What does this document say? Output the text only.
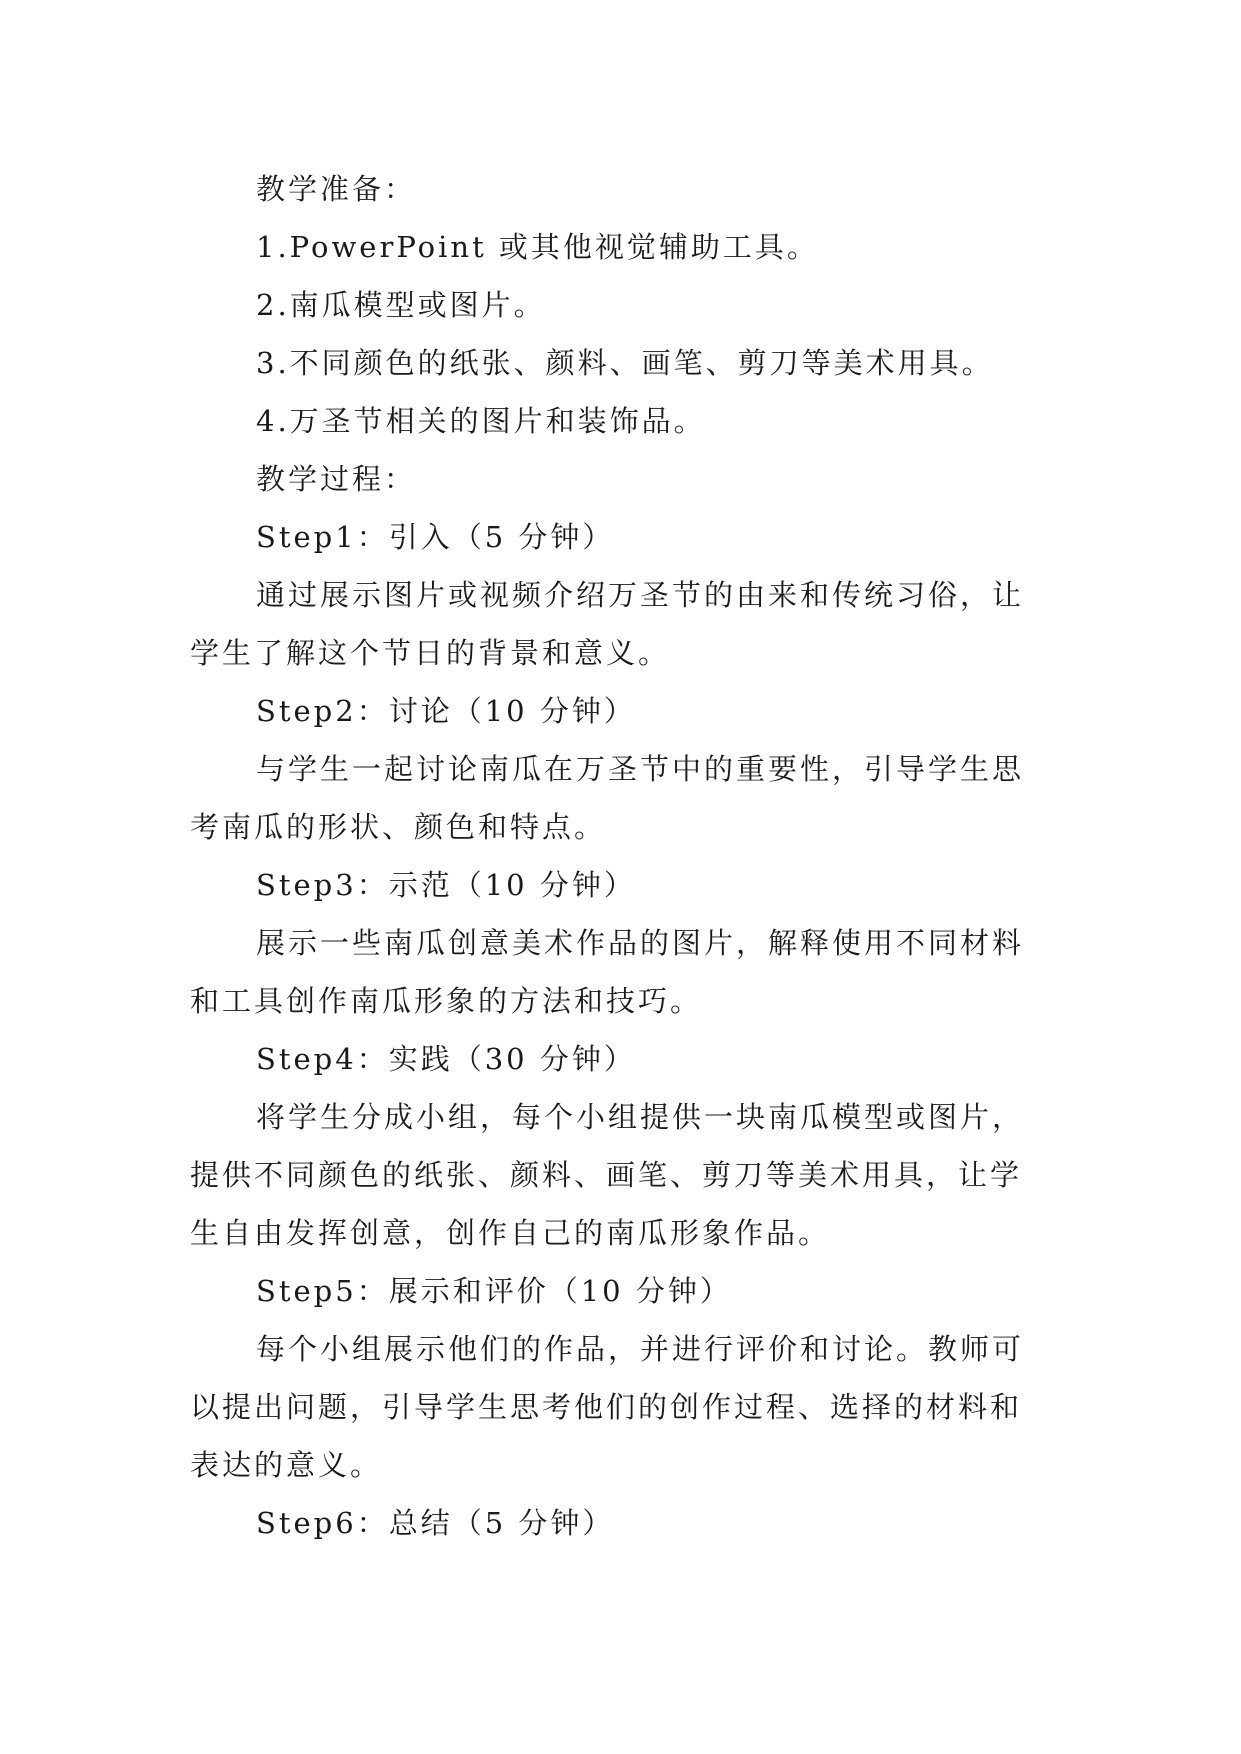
教学准备：

1.PowerPoint 或其他视觉辅助工具。

2.南瓜模型或图片。

3.不同颜色的纸张、颜料、画笔、剪刀等美术用具。

4.万圣节相关的图片和装饰品。

教学过程：

Step1：引入（5 分钟）

通过展示图片或视频介绍万圣节的由来和传统习俗，让
学生了解这个节日的背景和意义。

Step2：讨论（10 分钟）

与学生一起讨论南瓜在万圣节中的重要性，引导学生思
考南瓜的形状、颜色和特点。

Step3：示范（10 分钟）

展示一些南瓜创意美术作品的图片，解释使用不同材料
和工具创作南瓜形象的方法和技巧。

Step4：实践（30 分钟）

将学生分成小组，每个小组提供一块南瓜模型或图片，
提供不同颜色的纸张、颜料、画笔、剪刀等美术用具，让学
生自由发挥创意，创作自己的南瓜形象作品。

Step5：展示和评价（10 分钟）

每个小组展示他们的作品，并进行评价和讨论。教师可
以提出问题，引导学生思考他们的创作过程、选择的材料和
表达的意义。

Step6：总结（5 分钟）
